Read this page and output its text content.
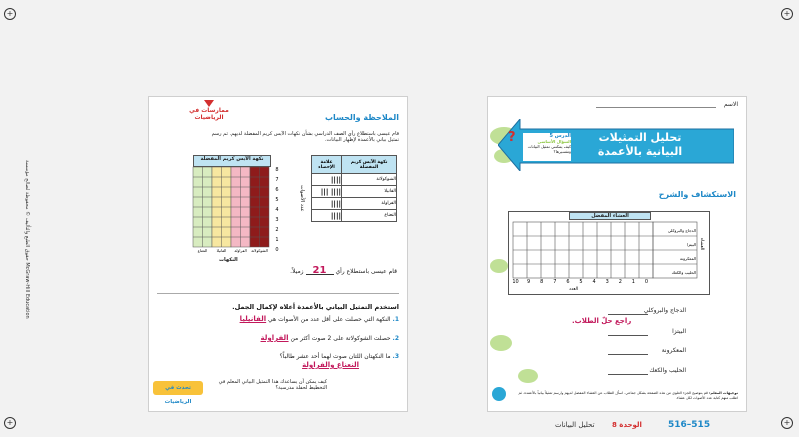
+	+
+	+
ممارسات في الرياضيات	الملاحظة والحساب
قام عيسى باستطلاع رأي الصف الدراسي بشأن نكهات الآيس كريم المفضلة لديهم. ثم رسم تمثيل بياني بالأعمدة لإظهار البيانات.
نكهة الآيس كريم المفضلة	علامة الإحصاء
الشوكولاتة	||||
الفانيلا	|||| |||
الفراولة	||||
النعناع	||||
نكهة الآيس كريم المفضلة
8
7
6
5
4
3
2
1
0
عدد الأصوات
النعناع	الفانيلا	الفراولة	الشوكولاتة
النكهات
قام عيسى باستطلاع رأي 21 زميلاً.
استخدم التمثيل البياني بالأعمدة أعلاه لإكمال الجمل.
1. النكهة التي حصلت على أقل عدد من الأصوات هي الفانيليا
2. حصلت الشوكولاتة على 2 صوت أكثر من الفراولة
3. ما النكهتان اللتان صوت لهما أحد عشر طالباً؟
النعناع والفراولة
تحدث في الرياضيات
كيف يمكن أن يساعدك هذا التمثيل البياني المعلم في التخطيط لحفلة مدرسية؟
حقوق الطبع والتأليف © محفوظة لصالح مؤسسة McGraw-Hill Education
الاسم
تحليل التمثيلات
البيانية بالأعمدة
الدرس 5
السؤال الأساسي
كيف يمكنني تمثيل البيانات وتفسيرها؟
?
الاستكشاف والشرح
العشاء المفضل
الدجاج والبروكلي
البيتزا
المعكرونة
الحليب والكعك
العشاء
10	9	8	7	6	5	4	3	2	1	0
العدد
الدجاج والبروكلي
راجع حلّ الطلاب.
البيتزا
المعكرونة
الحليب والكعك
توجيهات المعلم: قم بتوضيح الجزء العلوي من هذه الصفحة بشكل جماعي. اسأل الطلاب عن العشاء المفضل لديهم وارسم تمثيلاً بيانياً بالأعمدة. ثم اطلب منهم كتابة عدد الأصوات لكل عشاء.
515–516
الوحدة 8
تحليل البيانات
